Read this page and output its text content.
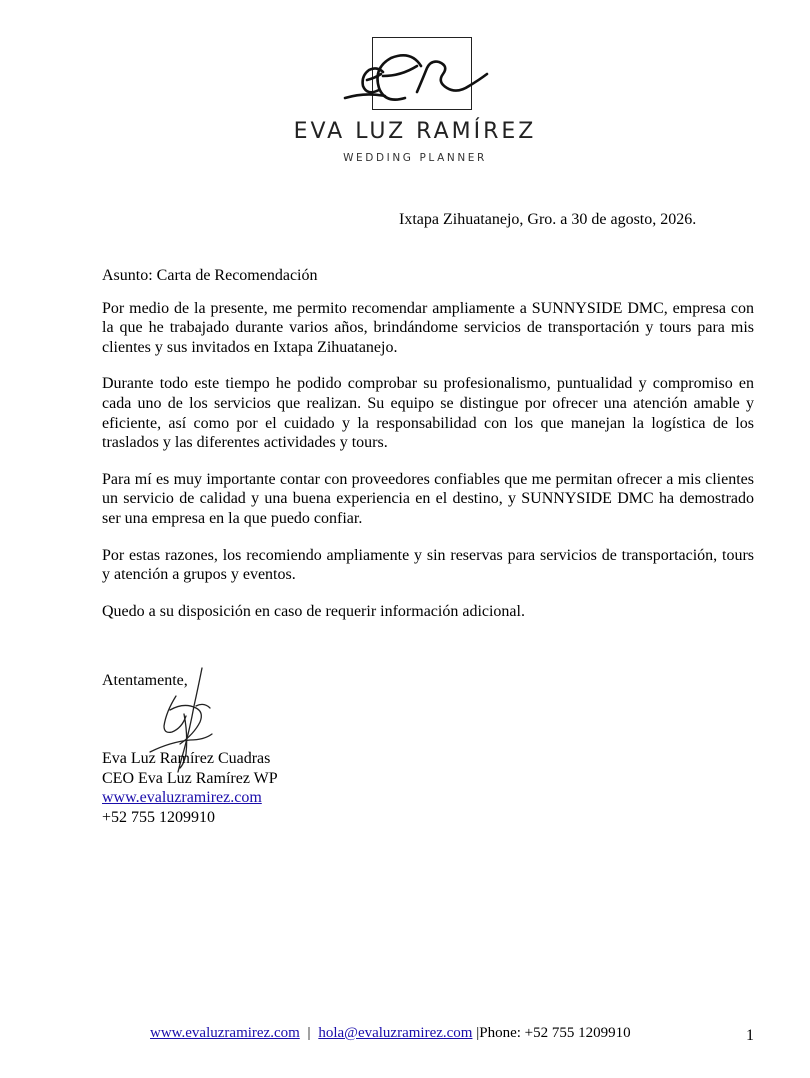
EVA LUZ RAMÍREZ
WEDDING PLANNER
Ixtapa Zihuatanejo, Gro. a 30 de agosto, 2026.

Asunto: Carta de Recomendación

Por medio de la presente, me permito recomendar ampliamente a SUNNYSIDE DMC, empresa con la que he trabajado durante varios años, brindándome servicios de transportación y tours para mis clientes y sus invitados en Ixtapa Zihuatanejo.

Durante todo este tiempo he podido comprobar su profesionalismo, puntualidad y compromiso en cada uno de los servicios que realizan. Su equipo se distingue por ofrecer una atención amable y eficiente, así como por el cuidado y la responsabilidad con los que manejan la logística de los traslados y las diferentes actividades y tours.

Para mí es muy importante contar con proveedores confiables que me permitan ofrecer a mis clientes un servicio de calidad y una buena experiencia en el destino, y SUNNYSIDE DMC ha demostrado ser una empresa en la que puedo confiar.

Por estas razones, los recomiendo ampliamente y sin reservas para servicios de transportación, tours y atención a grupos y eventos.

Quedo a su disposición en caso de requerir información adicional.

Atentamente,
Eva Luz Ramírez Cuadras
CEO Eva Luz Ramírez WP
www.evaluzramirez.com
+52 755 1209910
www.evaluzramirez.com | hola@evaluzramirez.com |Phone: +52 755 1209910	1
